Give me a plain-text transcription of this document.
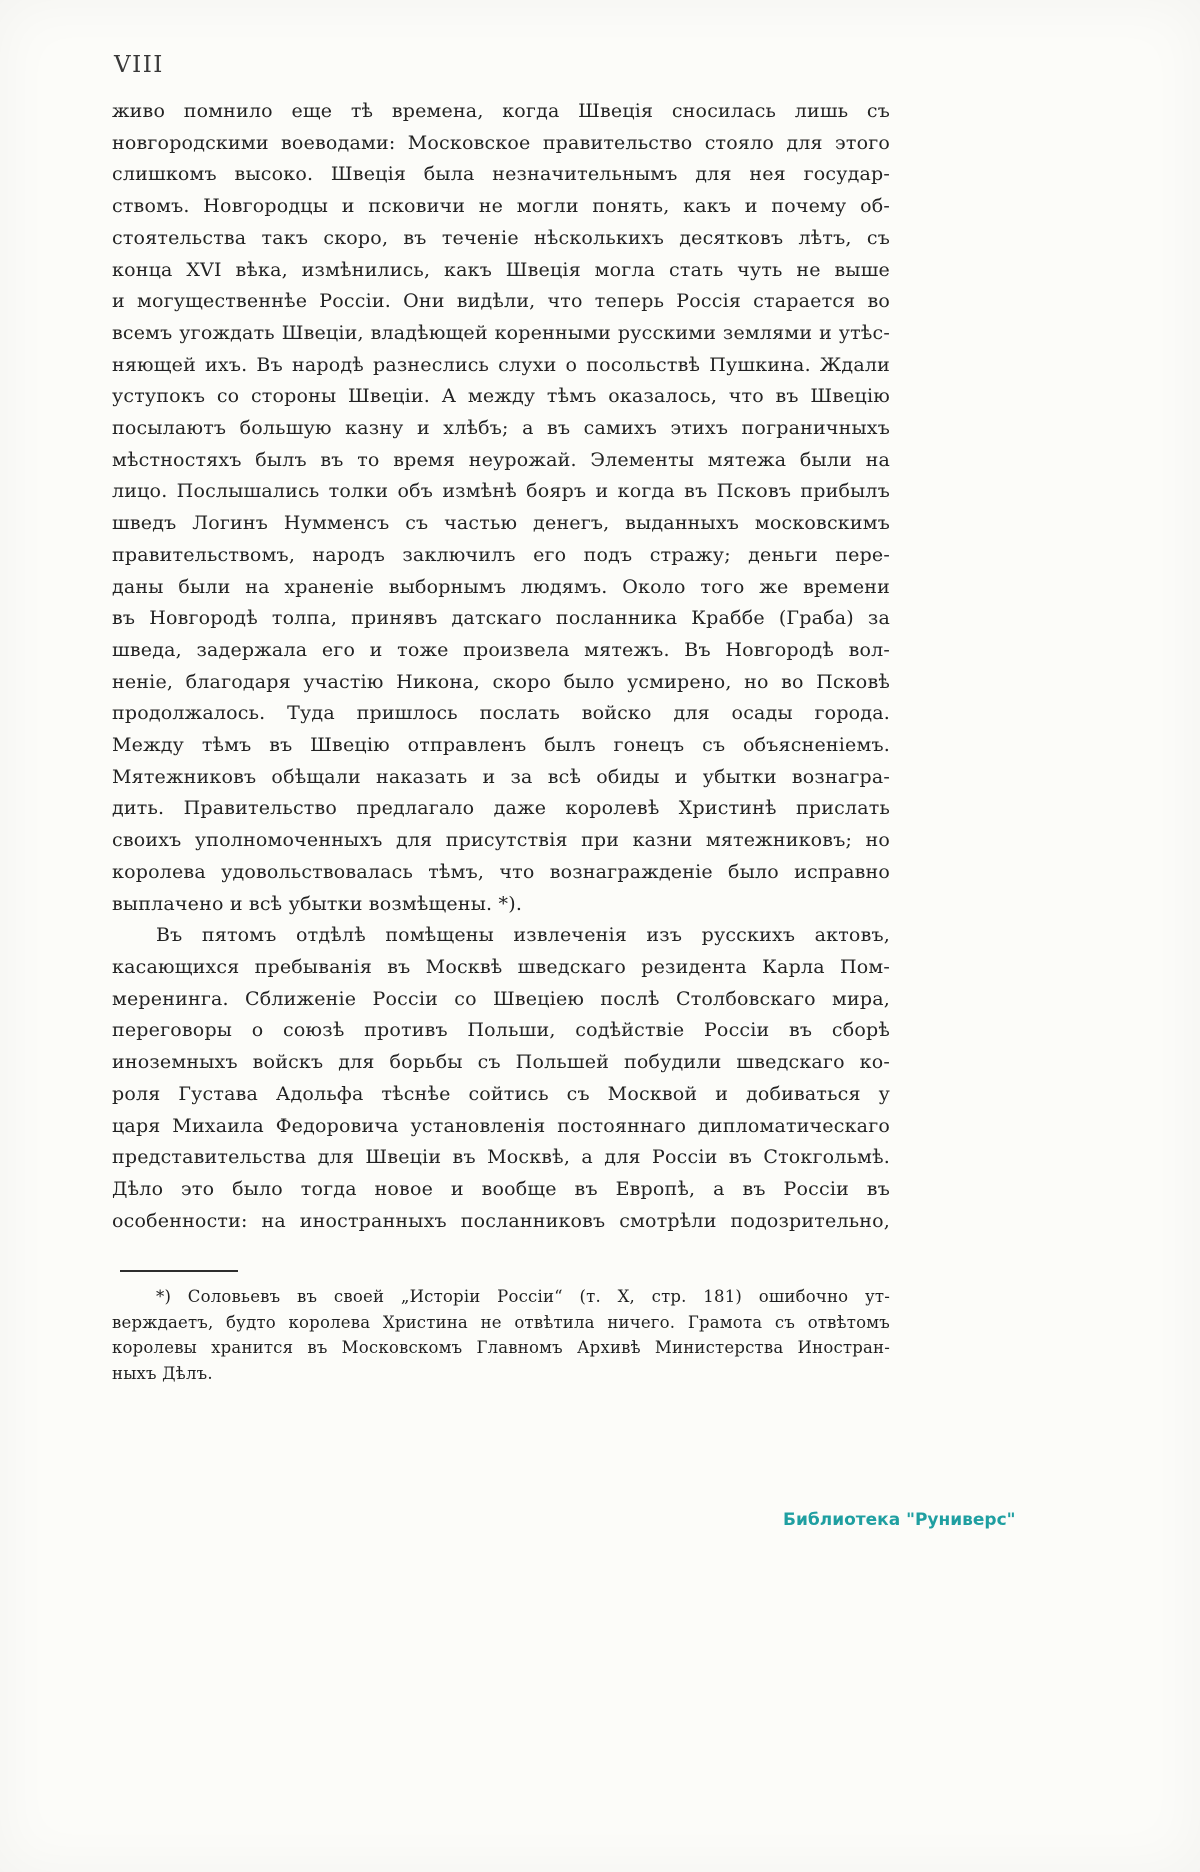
VIII
живо помнило еще тѣ времена, когда Швеція сносилась лишь съ
новгородскими воеводами: Московское правительство стояло для этого
слишкомъ высоко. Швеція была незначительнымъ для нея государ-
ствомъ. Новгородцы и псковичи не могли понять, какъ и почему об-
стоятельства такъ скоро, въ теченіе нѣсколькихъ десятковъ лѣтъ, съ
конца XVI вѣка, измѣнились, какъ Швеція могла стать чуть не выше
и могущественнѣе Россіи. Они видѣли, что теперь Россія старается во
всемъ угождать Швеціи, владѣющей коренными русскими землями и утѣс-
няющей ихъ. Въ народѣ разнеслись слухи о посольствѣ Пушкина. Ждали
уступокъ со стороны Швеціи. А между тѣмъ оказалось, что въ Швецію
посылаютъ большую казну и хлѣбъ; а въ самихъ этихъ пограничныхъ
мѣстностяхъ былъ въ то время неурожай. Элементы мятежа были на
лицо. Послышались толки объ измѣнѣ бояръ и когда въ Псковъ прибылъ
шведъ Логинъ Нумменсъ съ частью денегъ, выданныхъ московскимъ
правительствомъ, народъ заключилъ его подъ стражу; деньги пере-
даны были на храненіе выборнымъ людямъ. Около того же времени
въ Новгородѣ толпа, принявъ датскаго посланника Краббе (Граба) за
шведа, задержала его и тоже произвела мятежъ. Въ Новгородѣ вол-
неніе, благодаря участію Никона, скоро было усмирено, но во Псковѣ
продолжалось. Туда пришлось послать войско для осады города.
Между тѣмъ въ Швецію отправленъ былъ гонецъ съ объясненіемъ.
Мятежниковъ обѣщали наказать и за всѣ обиды и убытки вознагра-
дить. Правительство предлагало даже королевѣ Христинѣ прислать
своихъ уполномоченныхъ для присутствія при казни мятежниковъ; но
королева удовольствовалась тѣмъ, что вознагражденіе было исправно
выплачено и всѣ убытки возмѣщены. *).
Въ пятомъ отдѣлѣ помѣщены извлеченія изъ русскихъ актовъ,
касающихся пребыванія въ Москвѣ шведскаго резидента Карла Пом-
меренинга. Сближеніе Россіи со Швеціею послѣ Столбовскаго мира,
переговоры о союзѣ противъ Польши, содѣйствіе Россіи въ сборѣ
иноземныхъ войскъ для борьбы съ Польшей побудили шведскаго ко-
роля Густава Адольфа тѣснѣе сойтись съ Москвой и добиваться у
царя Михаила Федоровича установленія постояннаго дипломатическаго
представительства для Швеціи въ Москвѣ, а для Россіи въ Стокгольмѣ.
Дѣло это было тогда новое и вообще въ Европѣ, а въ Россіи въ
особенности: на иностранныхъ посланниковъ смотрѣли подозрительно,
*) Соловьевъ въ своей „Исторіи Россіи“ (т. X, стр. 181) ошибочно ут-
верждаетъ, будто королева Христина не отвѣтила ничего. Грамота съ отвѣтомъ
королевы хранится въ Московскомъ Главномъ Архивѣ Министерства Иностран-
ныхъ Дѣлъ.
Библиотека "Руниверс"
